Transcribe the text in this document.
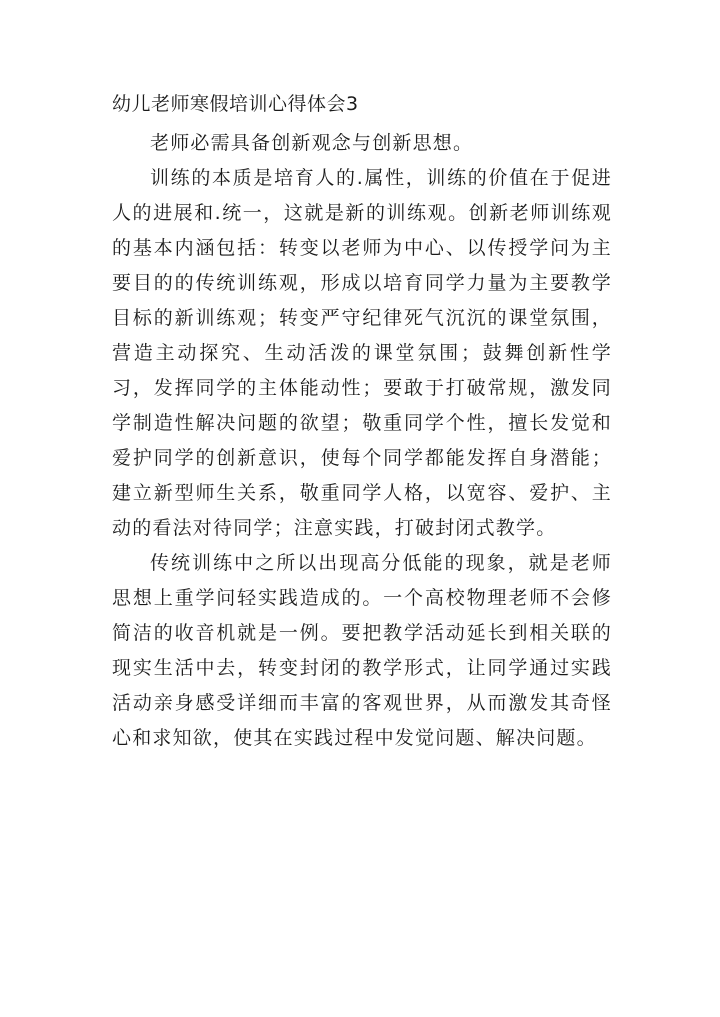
幼儿老师寒假培训心得体会3

老师必需具备创新观念与创新思想。

训练的本质是培育人的.属性，训练的价值在于促进人的进展和.统一，这就是新的训练观。创新老师训练观的基本内涵包括：转变以老师为中心、以传授学问为主要目的的传统训练观，形成以培育同学力量为主要教学目标的新训练观；转变严守纪律死气沉沉的课堂氛围，营造主动探究、生动活泼的课堂氛围；鼓舞创新性学习，发挥同学的主体能动性；要敢于打破常规，激发同学制造性解决问题的欲望；敬重同学个性，擅长发觉和爱护同学的创新意识，使每个同学都能发挥自身潜能；建立新型师生关系，敬重同学人格，以宽容、爱护、主动的看法对待同学；注意实践，打破封闭式教学。

传统训练中之所以出现高分低能的现象，就是老师思想上重学问轻实践造成的。一个高校物理老师不会修简洁的收音机就是一例。要把教学活动延长到相关联的现实生活中去，转变封闭的教学形式，让同学通过实践活动亲身感受详细而丰富的客观世界，从而激发其奇怪心和求知欲，使其在实践过程中发觉问题、解决问题。
